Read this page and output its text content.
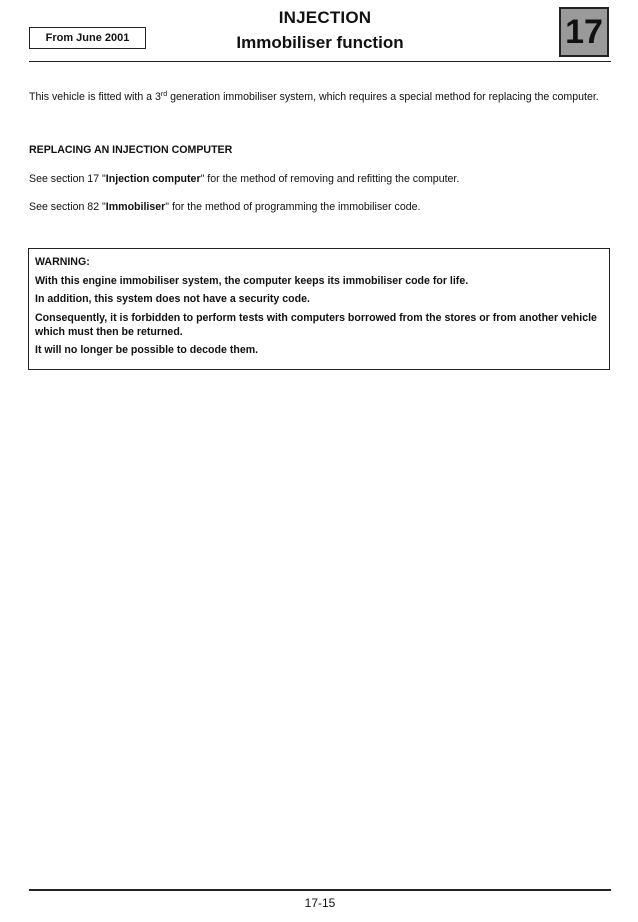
From June 2001
INJECTION
Immobiliser function	17

This vehicle is fitted with a 3rd generation immobiliser system, which requires a special method for replacing the computer.

REPLACING AN INJECTION COMPUTER

See section 17 "Injection computer" for the method of removing and refitting the computer.

See section 82 "Immobiliser" for the method of programming the immobiliser code.

WARNING:
With this engine immobiliser system, the computer keeps its immobiliser code for life.
In addition, this system does not have a security code.
Consequently, it is forbidden to perform tests with computers borrowed from the stores or from another vehicle which must then be returned.
It will no longer be possible to decode them.
17-15
